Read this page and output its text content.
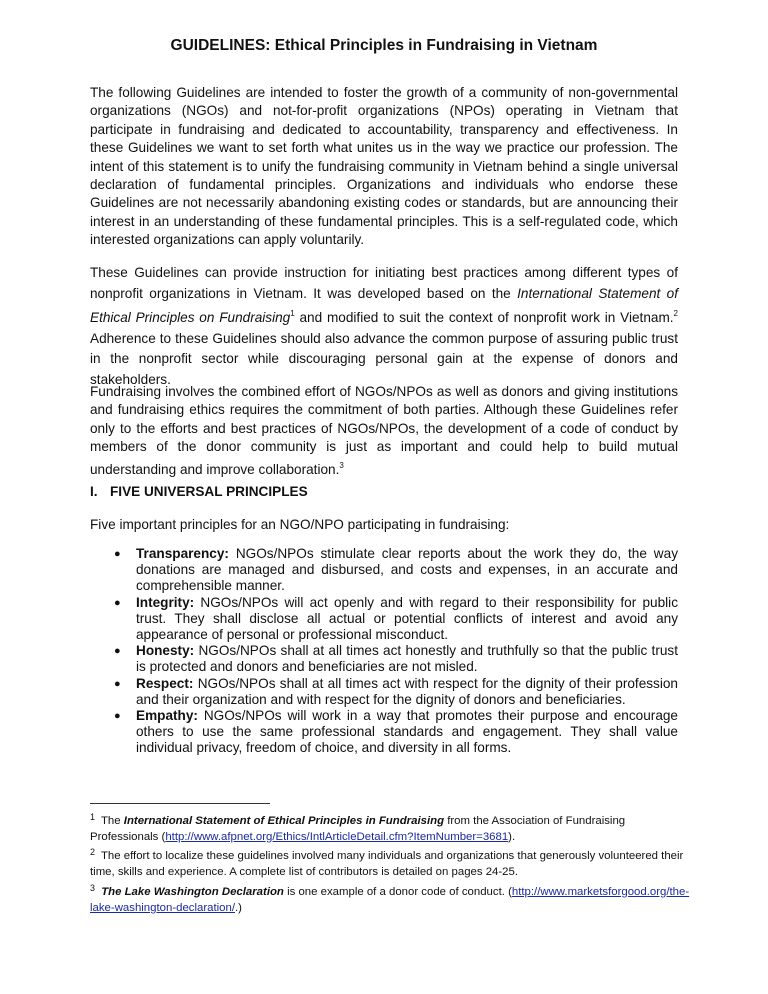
GUIDELINES: Ethical Principles in Fundraising in Vietnam

The following Guidelines are intended to foster the growth of a community of non-governmental organizations (NGOs) and not-for-profit organizations (NPOs) operating in Vietnam that participate in fundraising and dedicated to accountability, transparency and effectiveness. In these Guidelines we want to set forth what unites us in the way we practice our profession. The intent of this statement is to unify the fundraising community in Vietnam behind a single universal declaration of fundamental principles. Organizations and individuals who endorse these Guidelines are not necessarily abandoning existing codes or standards, but are announcing their interest in an understanding of these fundamental principles. This is a self-regulated code, which interested organizations can apply voluntarily.

These Guidelines can provide instruction for initiating best practices among different types of nonprofit organizations in Vietnam. It was developed based on the International Statement of Ethical Principles on Fundraising$^1$ and modified to suit the context of nonprofit work in Vietnam.$^2$ Adherence to these Guidelines should also advance the common purpose of assuring public trust in the nonprofit sector while discouraging personal gain at the expense of donors and stakeholders.

Fundraising involves the combined effort of NGOs/NPOs as well as donors and giving institutions and fundraising ethics requires the commitment of both parties. Although these Guidelines refer only to the efforts and best practices of NGOs/NPOs, the development of a code of conduct by members of the donor community is just as important and could help to build mutual understanding and improve collaboration.$^3$

I. FIVE UNIVERSAL PRINCIPLES
Five important principles for an NGO/NPO participating in fundraising:
● Transparency: NGOs/NPOs stimulate clear reports about the work they do, the way donations are managed and disbursed, and costs and expenses, in an accurate and comprehensible manner.
● Integrity: NGOs/NPOs will act openly and with regard to their responsibility for public trust. They shall disclose all actual or potential conflicts of interest and avoid any appearance of personal or professional misconduct.
● Honesty: NGOs/NPOs shall at all times act honestly and truthfully so that the public trust is protected and donors and beneficiaries are not misled.
● Respect: NGOs/NPOs shall at all times act with respect for the dignity of their profession and their organization and with respect for the dignity of donors and beneficiaries.
● Empathy: NGOs/NPOs will work in a way that promotes their purpose and encourage others to use the same professional standards and engagement. They shall value individual privacy, freedom of choice, and diversity in all forms.
$^1$ The International Statement of Ethical Principles in Fundraising from the Association of Fundraising Professionals (http://www.afpnet.org/Ethics/IntlArticleDetail.cfm?ItemNumber=3681).
$^2$ The effort to localize these guidelines involved many individuals and organizations that generously volunteered their time, skills and experience. A complete list of contributors is detailed on pages 24-25.
$^3$ The Lake Washington Declaration is one example of a donor code of conduct. (http://www.marketsforgood.org/the-lake-washington-declaration/.)
